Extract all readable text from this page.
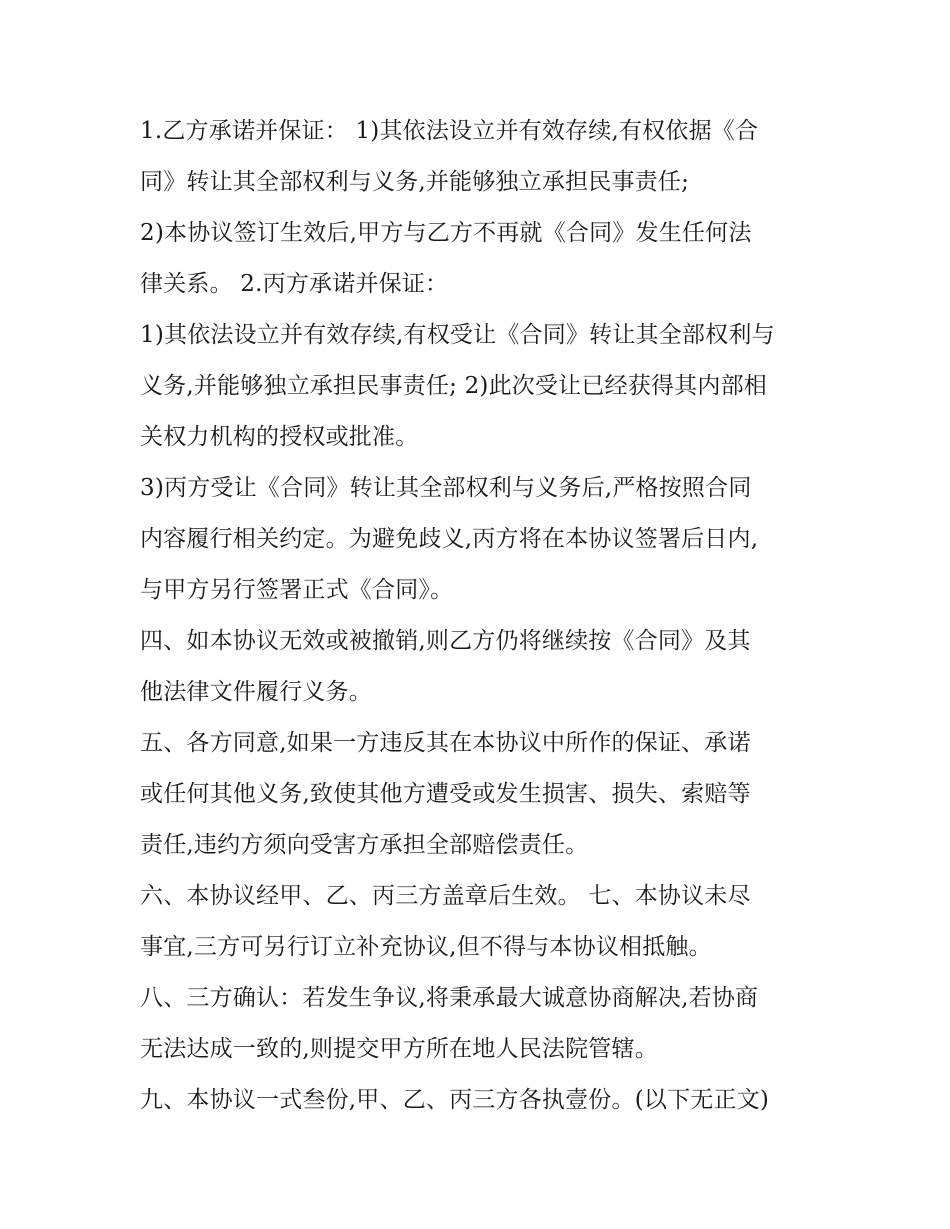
1.乙方承诺并保证： 1)其依法设立并有效存续,有权依据《合
同》转让其全部权利与义务,并能够独立承担民事责任;

2)本协议签订生效后,甲方与乙方不再就《合同》发生任何法
律关系。 2.丙方承诺并保证：

1)其依法设立并有效存续,有权受让《合同》转让其全部权利与
义务,并能够独立承担民事责任; 2)此次受让已经获得其内部相
关权力机构的授权或批准。

3)丙方受让《合同》转让其全部权利与义务后,严格按照合同
内容履行相关约定。为避免歧义,丙方将在本协议签署后日内,
与甲方另行签署正式《合同》。

四、如本协议无效或被撤销,则乙方仍将继续按《合同》及其
他法律文件履行义务。

五、各方同意,如果一方违反其在本协议中所作的保证、承诺
或任何其他义务,致使其他方遭受或发生损害、损失、索赔等
责任,违约方须向受害方承担全部赔偿责任。

六、本协议经甲、乙、丙三方盖章后生效。 七、本协议未尽
事宜,三方可另行订立补充协议,但不得与本协议相抵触。

八、三方确认：若发生争议,将秉承最大诚意协商解决,若协商
无法达成一致的,则提交甲方所在地人民法院管辖。

九、本协议一式叁份,甲、乙、丙三方各执壹份。(以下无正文)
